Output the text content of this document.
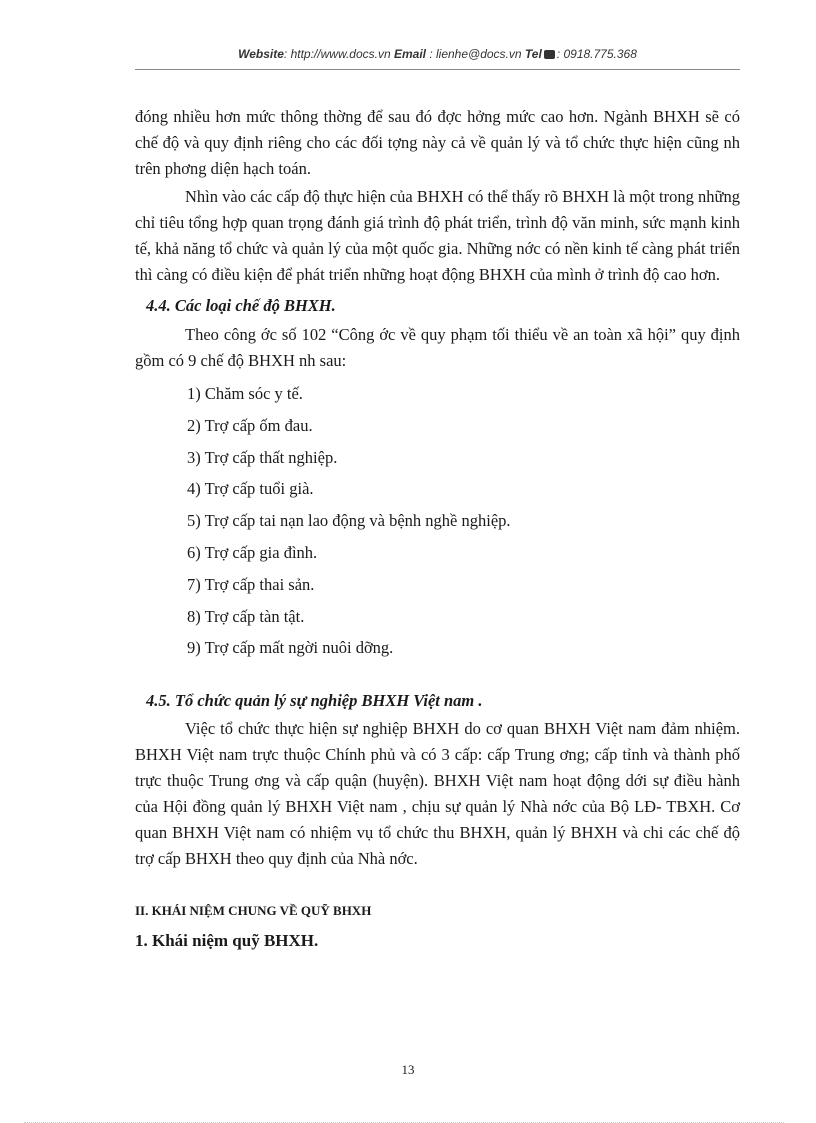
Website: http://www.docs.vn Email : lienhe@docs.vn Tel : 0918.775.368

đóng nhiều hơn mức thông thờng để sau đó đợc hởng mức cao hơn. Ngành BHXH sẽ có chế độ và quy định riêng cho các đối tợng này cả về quản lý và tổ chức thực hiện cũng nh trên phơng diện hạch toán.

Nhìn vào các cấp độ thực hiện của BHXH có thể thấy rõ BHXH là một trong những chỉ tiêu tổng hợp quan trọng đánh giá trình độ phát triển, trình độ văn minh, sức mạnh kinh tế, khả năng tổ chức và quản lý của một quốc gia. Những nớc có nền kinh tế càng phát triển thì càng có điều kiện để phát triển những hoạt động BHXH của mình ở trình độ cao hơn.

4.4. Các loại chế độ BHXH.

Theo công ớc số 102 “Công ớc về quy phạm tối thiểu về an toàn xã hội” quy định gồm có 9 chế độ BHXH nh sau:

1) Chăm sóc y tế.
2) Trợ cấp ốm đau.
3) Trợ cấp thất nghiệp.
4) Trợ cấp tuổi già.
5) Trợ cấp tai nạn lao động và bệnh nghề nghiệp.
6) Trợ cấp gia đình.
7) Trợ cấp thai sản.
8) Trợ cấp tàn tật.
9) Trợ cấp mất ngời nuôi dỡng.
4.5. Tổ chức quản lý sự nghiệp BHXH Việt nam .

Việc tổ chức thực hiện sự nghiệp BHXH do cơ quan BHXH Việt nam đảm nhiệm. BHXH Việt nam trực thuộc Chính phủ và có 3 cấp: cấp Trung ơng; cấp tỉnh và thành phố trực thuộc Trung ơng và cấp quận (huyện). BHXH Việt nam hoạt động dới sự điều hành của Hội đồng quản lý BHXH Việt nam , chịu sự quản lý Nhà nớc của Bộ LĐ- TBXH. Cơ quan BHXH Việt nam có nhiệm vụ tổ chức thu BHXH, quản lý BHXH và chi các chế độ trợ cấp BHXH theo quy định của Nhà nớc.

II. KHÁI NIỆM CHUNG VỀ QUỸ BHXH
1. Khái niệm quỹ BHXH.
13
